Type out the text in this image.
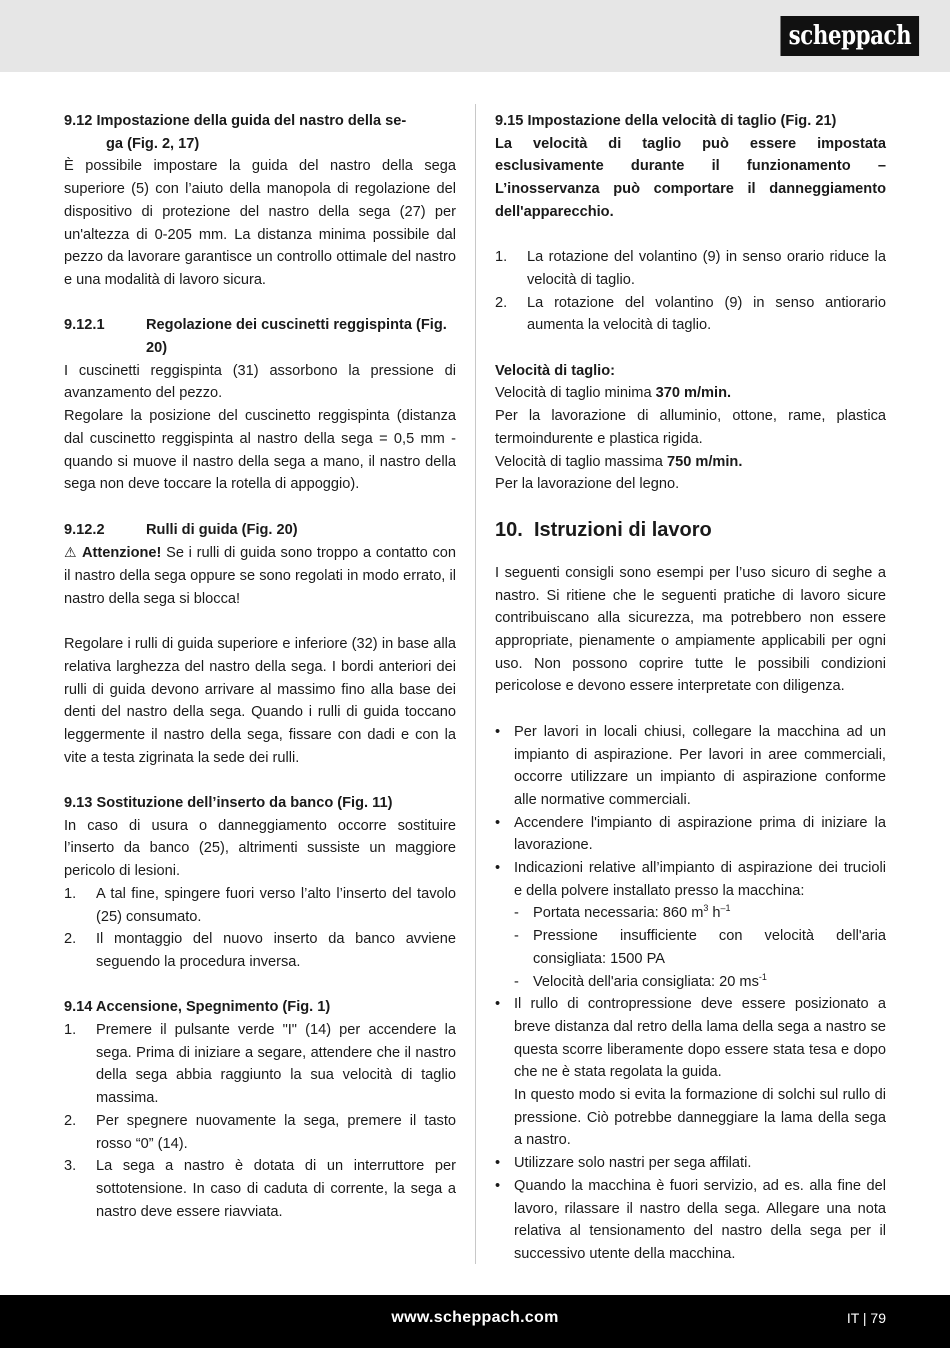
scheppach
9.12 Impostazione della guida del nastro della se-
ga (Fig. 2, 17)

È possibile impostare la guida del nastro della sega superiore (5) con l’aiuto della manopola di regolazione del dispositivo di protezione del nastro della sega (27) per un'altezza di 0-205 mm. La distanza minima possibile dal pezzo da lavorare garantisce un controllo ottimale del nastro e una modalità di lavoro sicura.

9.12.1	Regolazione dei cuscinetti reggispinta (Fig. 20)

I cuscinetti reggispinta (31) assorbono la pressione di avanzamento del pezzo.

Regolare la posizione del cuscinetto reggispinta (distanza dal cuscinetto reggispinta al nastro della sega = 0,5 mm - quando si muove il nastro della sega a mano, il nastro della sega non deve toccare la rotella di appoggio).

9.12.2	Rulli di guida (Fig. 20)

⚠ Attenzione! Se i rulli di guida sono troppo a contatto con il nastro della sega oppure se sono regolati in modo errato, il nastro della sega si blocca!

Regolare i rulli di guida superiore e inferiore (32) in base alla relativa larghezza del nastro della sega. I bordi anteriori dei rulli di guida devono arrivare al massimo fino alla base dei denti del nastro della sega. Quando i rulli di guida toccano leggermente il nastro della sega, fissare con dadi e con la vite a testa zigrinata la sede dei rulli.

9.13 Sostituzione dell’inserto da banco (Fig. 11)

In caso di usura o danneggiamento occorre sostituire l’inserto da banco (25), altrimenti sussiste un maggiore pericolo di lesioni.

1.	A tal fine, spingere fuori verso l’alto l’inserto del tavolo (25) consumato.
2.	Il montaggio del nuovo inserto da banco avviene seguendo la procedura inversa.
9.14 Accensione, Spegnimento (Fig. 1)
1.	Premere il pulsante verde "I" (14) per accendere la sega. Prima di iniziare a segare, attendere che il nastro della sega abbia raggiunto la sua velocità di taglio massima.
2.	Per spegnere nuovamente la sega, premere il tasto rosso “0” (14).
3.	La sega a nastro è dotata di un interruttore per sottotensione. In caso di caduta di corrente, la sega a nastro deve essere riavviata.
9.15 Impostazione della velocità di taglio (Fig. 21)

La velocità di taglio può essere impostata esclusivamente durante il funzionamento – L’inosservanza può comportare il danneggiamento dell'apparecchio.

1.	La rotazione del volantino (9) in senso orario riduce la velocità di taglio.
2.	La rotazione del volantino (9) in senso antiorario aumenta la velocità di taglio.
Velocità di taglio:

Velocità di taglio minima 370 m/min.

Per la lavorazione di alluminio, ottone, rame, plastica termoindurente e plastica rigida.

Velocità di taglio massima 750 m/min.

Per la lavorazione del legno.

10. Istruzioni di lavoro

I seguenti consigli sono esempi per l’uso sicuro di seghe a nastro. Si ritiene che le seguenti pratiche di lavoro sicure contribuiscano alla sicurezza, ma potrebbero non essere appropriate, pienamente o ampiamente applicabili per ogni uso. Non possono coprire tutte le possibili condizioni pericolose e devono essere interpretate con diligenza.

• Per lavori in locali chiusi, collegare la macchina ad un impianto di aspirazione. Per lavori in aree commerciali, occorre utilizzare un impianto di aspirazione conforme alle normative commerciali.
• Accendere l'impianto di aspirazione prima di iniziare la lavorazione.
• Indicazioni relative all’impianto di aspirazione dei trucioli e della polvere installato presso la macchina:
- Portata necessaria: 860 $m^3$ $h^{-1}$
- Pressione insufficiente con velocità dell'aria consigliata: 1500 PA
- Velocità dell'aria consigliata: 20 $ms^{-1}$
• Il rullo di contropressione deve essere posizionato a breve distanza dal retro della lama della sega a nastro se questa scorre liberamente dopo essere stata tesa e dopo che ne è stata regolata la guida.

In questo modo si evita la formazione di solchi sul rullo di pressione. Ciò potrebbe danneggiare la lama della sega a nastro.

• Utilizzare solo nastri per sega affilati.
• Quando la macchina è fuori servizio, ad es. alla fine del lavoro, rilassare il nastro della sega. Allegare una nota relativa al tensionamento del nastro della sega per il successivo utente della macchina.
www.scheppach.com	IT | 79
